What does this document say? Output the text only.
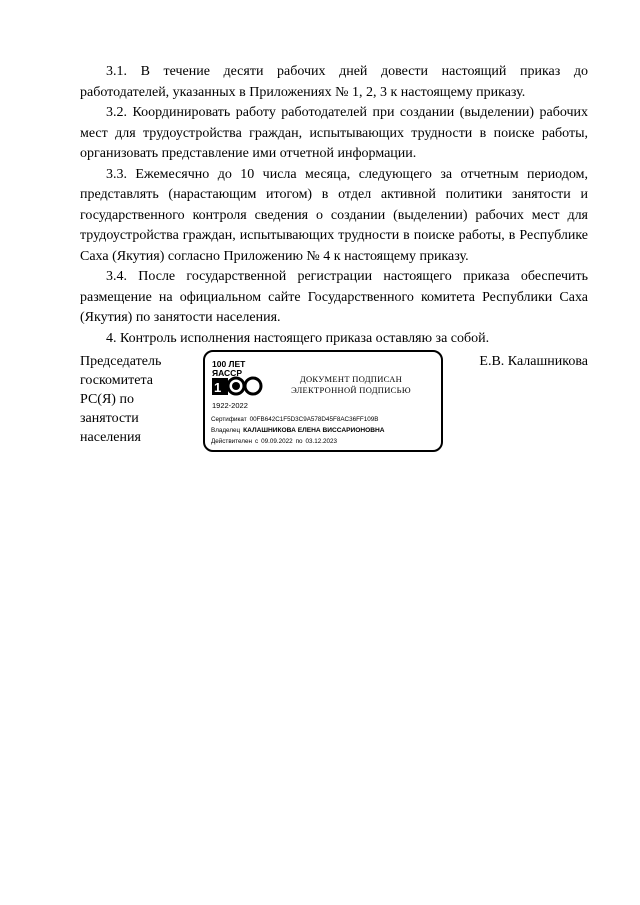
3.1. В течение десяти рабочих дней довести настоящий приказ до работодателей, указанных в Приложениях № 1, 2, 3 к настоящему приказу.

3.2. Координировать работу работодателей при создании (выделении) рабочих мест для трудоустройства граждан, испытывающих трудности в поиске работы, организовать представление ими отчетной информации.

3.3. Ежемесячно до 10 числа месяца, следующего за отчетным периодом, представлять (нарастающим итогом) в отдел активной политики занятости и государственного контроля сведения о создании (выделении) рабочих мест для трудоустройства граждан, испытывающих трудности в поиске работы, в Республике Саха (Якутия) согласно Приложению № 4 к настоящему приказу.

3.4. После государственной регистрации настоящего приказа обеспечить размещение на официальном сайте Государственного комитета Республики Саха (Якутия) по занятости населения.

4. Контроль исполнения настоящего приказа оставляю за собой.

Председатель
госкомитета
РС(Я) по
занятости
населения
100 ЛЕТ
ЯАССР
1
1922-2022
ДОКУМЕНТ ПОДПИСАН
ЭЛЕКТРОННОЙ ПОДПИСЬЮ
Сертификат 00FB642C1F5D3C9A578D45F8AC36FF109B
Владелец КАЛАШНИКОВА ЕЛЕНА ВИССАРИОНОВНА
Действителен с 09.09.2022 по 03.12.2023
Е.В. Калашникова
